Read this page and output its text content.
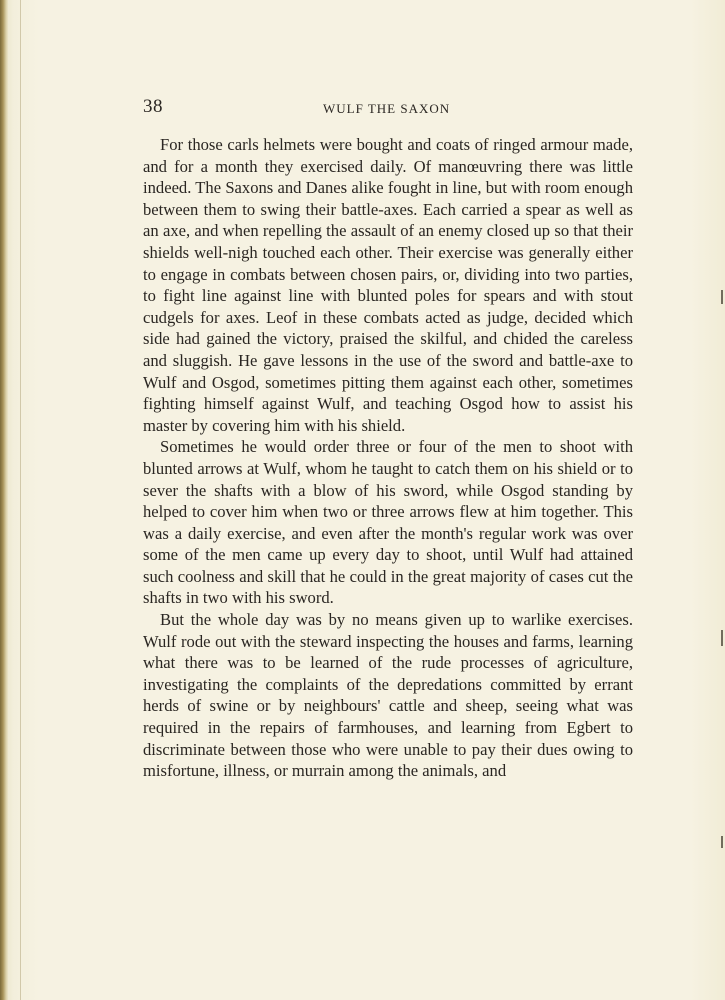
38	WULF THE SAXON

For those carls helmets were bought and coats of ringed armour made, and for a month they exercised daily. Of manœuvring there was little indeed. The Saxons and Danes alike fought in line, but with room enough between them to swing their battle-axes. Each carried a spear as well as an axe, and when repelling the assault of an enemy closed up so that their shields well-nigh touched each other. Their exercise was generally either to engage in combats between chosen pairs, or, dividing into two parties, to fight line against line with blunted poles for spears and with stout cudgels for axes. Leof in these combats acted as judge, decided which side had gained the victory, praised the skilful, and chided the careless and sluggish. He gave lessons in the use of the sword and battle-axe to Wulf and Osgod, sometimes pitting them against each other, sometimes fighting himself against Wulf, and teaching Osgod how to assist his master by covering him with his shield.

Sometimes he would order three or four of the men to shoot with blunted arrows at Wulf, whom he taught to catch them on his shield or to sever the shafts with a blow of his sword, while Osgod standing by helped to cover him when two or three arrows flew at him together. This was a daily exercise, and even after the month's regular work was over some of the men came up every day to shoot, until Wulf had attained such coolness and skill that he could in the great majority of cases cut the shafts in two with his sword.

But the whole day was by no means given up to warlike exercises. Wulf rode out with the steward inspecting the houses and farms, learning what there was to be learned of the rude processes of agriculture, investigating the complaints of the depredations committed by errant herds of swine or by neighbours' cattle and sheep, seeing what was required in the repairs of farmhouses, and learning from Egbert to discriminate between those who were unable to pay their dues owing to misfortune, illness, or murrain among the animals, and
